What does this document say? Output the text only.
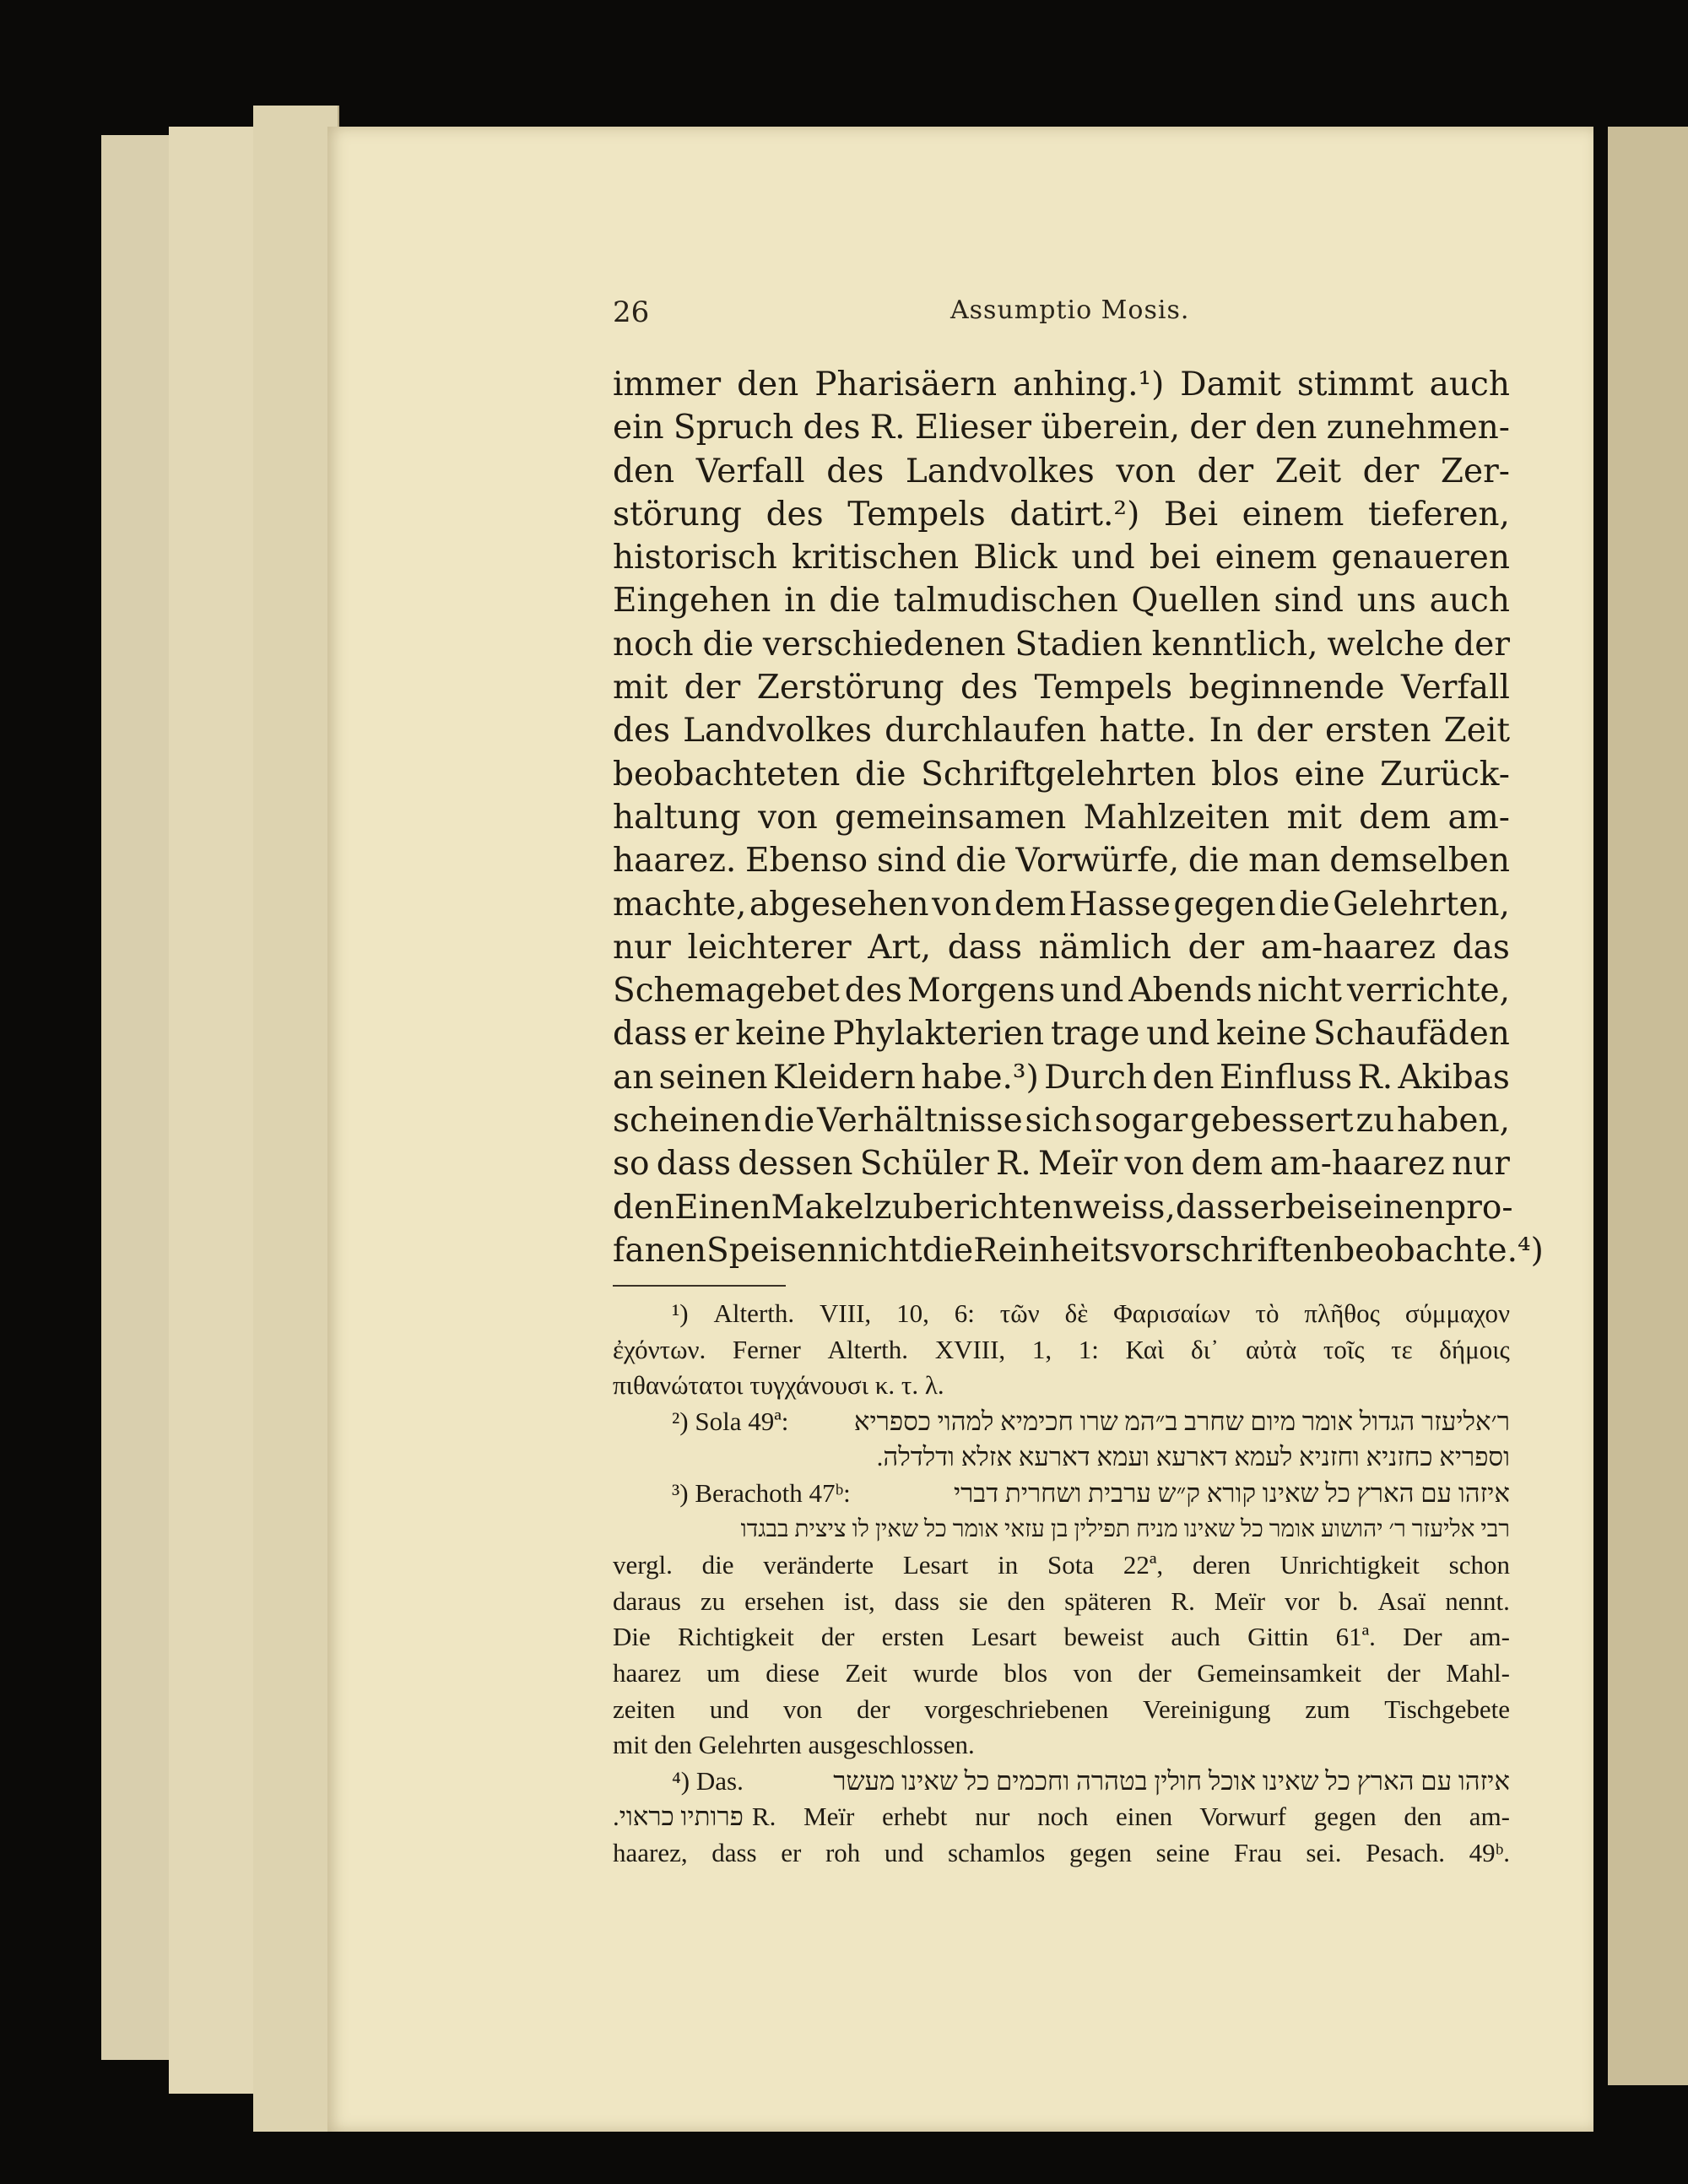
26	Assumptio Mosis.
immer den Pharisäern anhing.¹) Damit stimmt auch
ein Spruch des R. Elieser überein, der den zunehmen-
den Verfall des Landvolkes von der Zeit der Zer-
störung des Tempels datirt.²) Bei einem tieferen,
historisch kritischen Blick und bei einem genaueren
Eingehen in die talmudischen Quellen sind uns auch
noch die verschiedenen Stadien kenntlich, welche der
mit der Zerstörung des Tempels beginnende Verfall
des Landvolkes durchlaufen hatte. In der ersten Zeit
beobachteten die Schriftgelehrten blos eine Zurück-
haltung von gemeinsamen Mahlzeiten mit dem am-
haarez. Ebenso sind die Vorwürfe, die man demselben
machte, abgesehen von dem Hasse gegen die Gelehrten,
nur leichterer Art, dass nämlich der am-haarez das
Schemagebet des Morgens und Abends nicht verrichte,
dass er keine Phylakterien trage und keine Schaufäden
an seinen Kleidern habe.³) Durch den Einfluss R. Akibas
scheinen die Verhältnisse sich sogar gebessert zu haben,
so dass dessen Schüler R. Meïr von dem am-haarez nur
den Einen Makel zu berichten weiss, dass er bei seinen pro-
fanen Speisen nicht die Reinheitsvorschriften beobachte.⁴)
¹) Alterth. VIII, 10, 6: τῶν δὲ Φαρισαίων τὸ πλῆθος σύμμαχον
ἐχόντων. Ferner Alterth. XVIII, 1, 1: Καὶ δι᾽ αὐτὰ τοῖς τε δήμοις
πιθανώτατοι τυγχάνουσι κ. τ. λ.
²) Sola 49ª:	ר׳אליעזר הגדול אומר מיום שחרב ב״המ שרו חכימיא למהוי כספריא
וספריא כחזניא וחזניא לעמא דארעא ועמא דארעא אזלא ודלדלה.
³) Berachoth 47ᵇ:	איזהו עם הארץ כל שאינו קורא ק״ש ערבית ושחרית דברי
רבי אליעזר ר׳ יהושוע אומר כל שאינו מניח תפילין בן עזאי אומר כל שאין לו ציצית בבגדו
vergl. die veränderte Lesart in Sota 22ª, deren Unrichtigkeit schon
daraus zu ersehen ist, dass sie den späteren R. Meïr vor b. Asaï nennt.
Die Richtigkeit der ersten Lesart beweist auch Gittin 61ª. Der am-
haarez um diese Zeit wurde blos von der Gemeinsamkeit der Mahl-
zeiten und von der vorgeschriebenen Vereinigung zum Tischgebete
mit den Gelehrten ausgeschlossen.
⁴) Das.	איזהו עם הארץ כל שאינו אוכל חולין בטהרה וחכמים כל שאינו מעשר
פרותיו כראוי. R. Meïr erhebt nur noch einen Vorwurf gegen den am-
haarez, dass er roh und schamlos gegen seine Frau sei. Pesach. 49ᵇ.
